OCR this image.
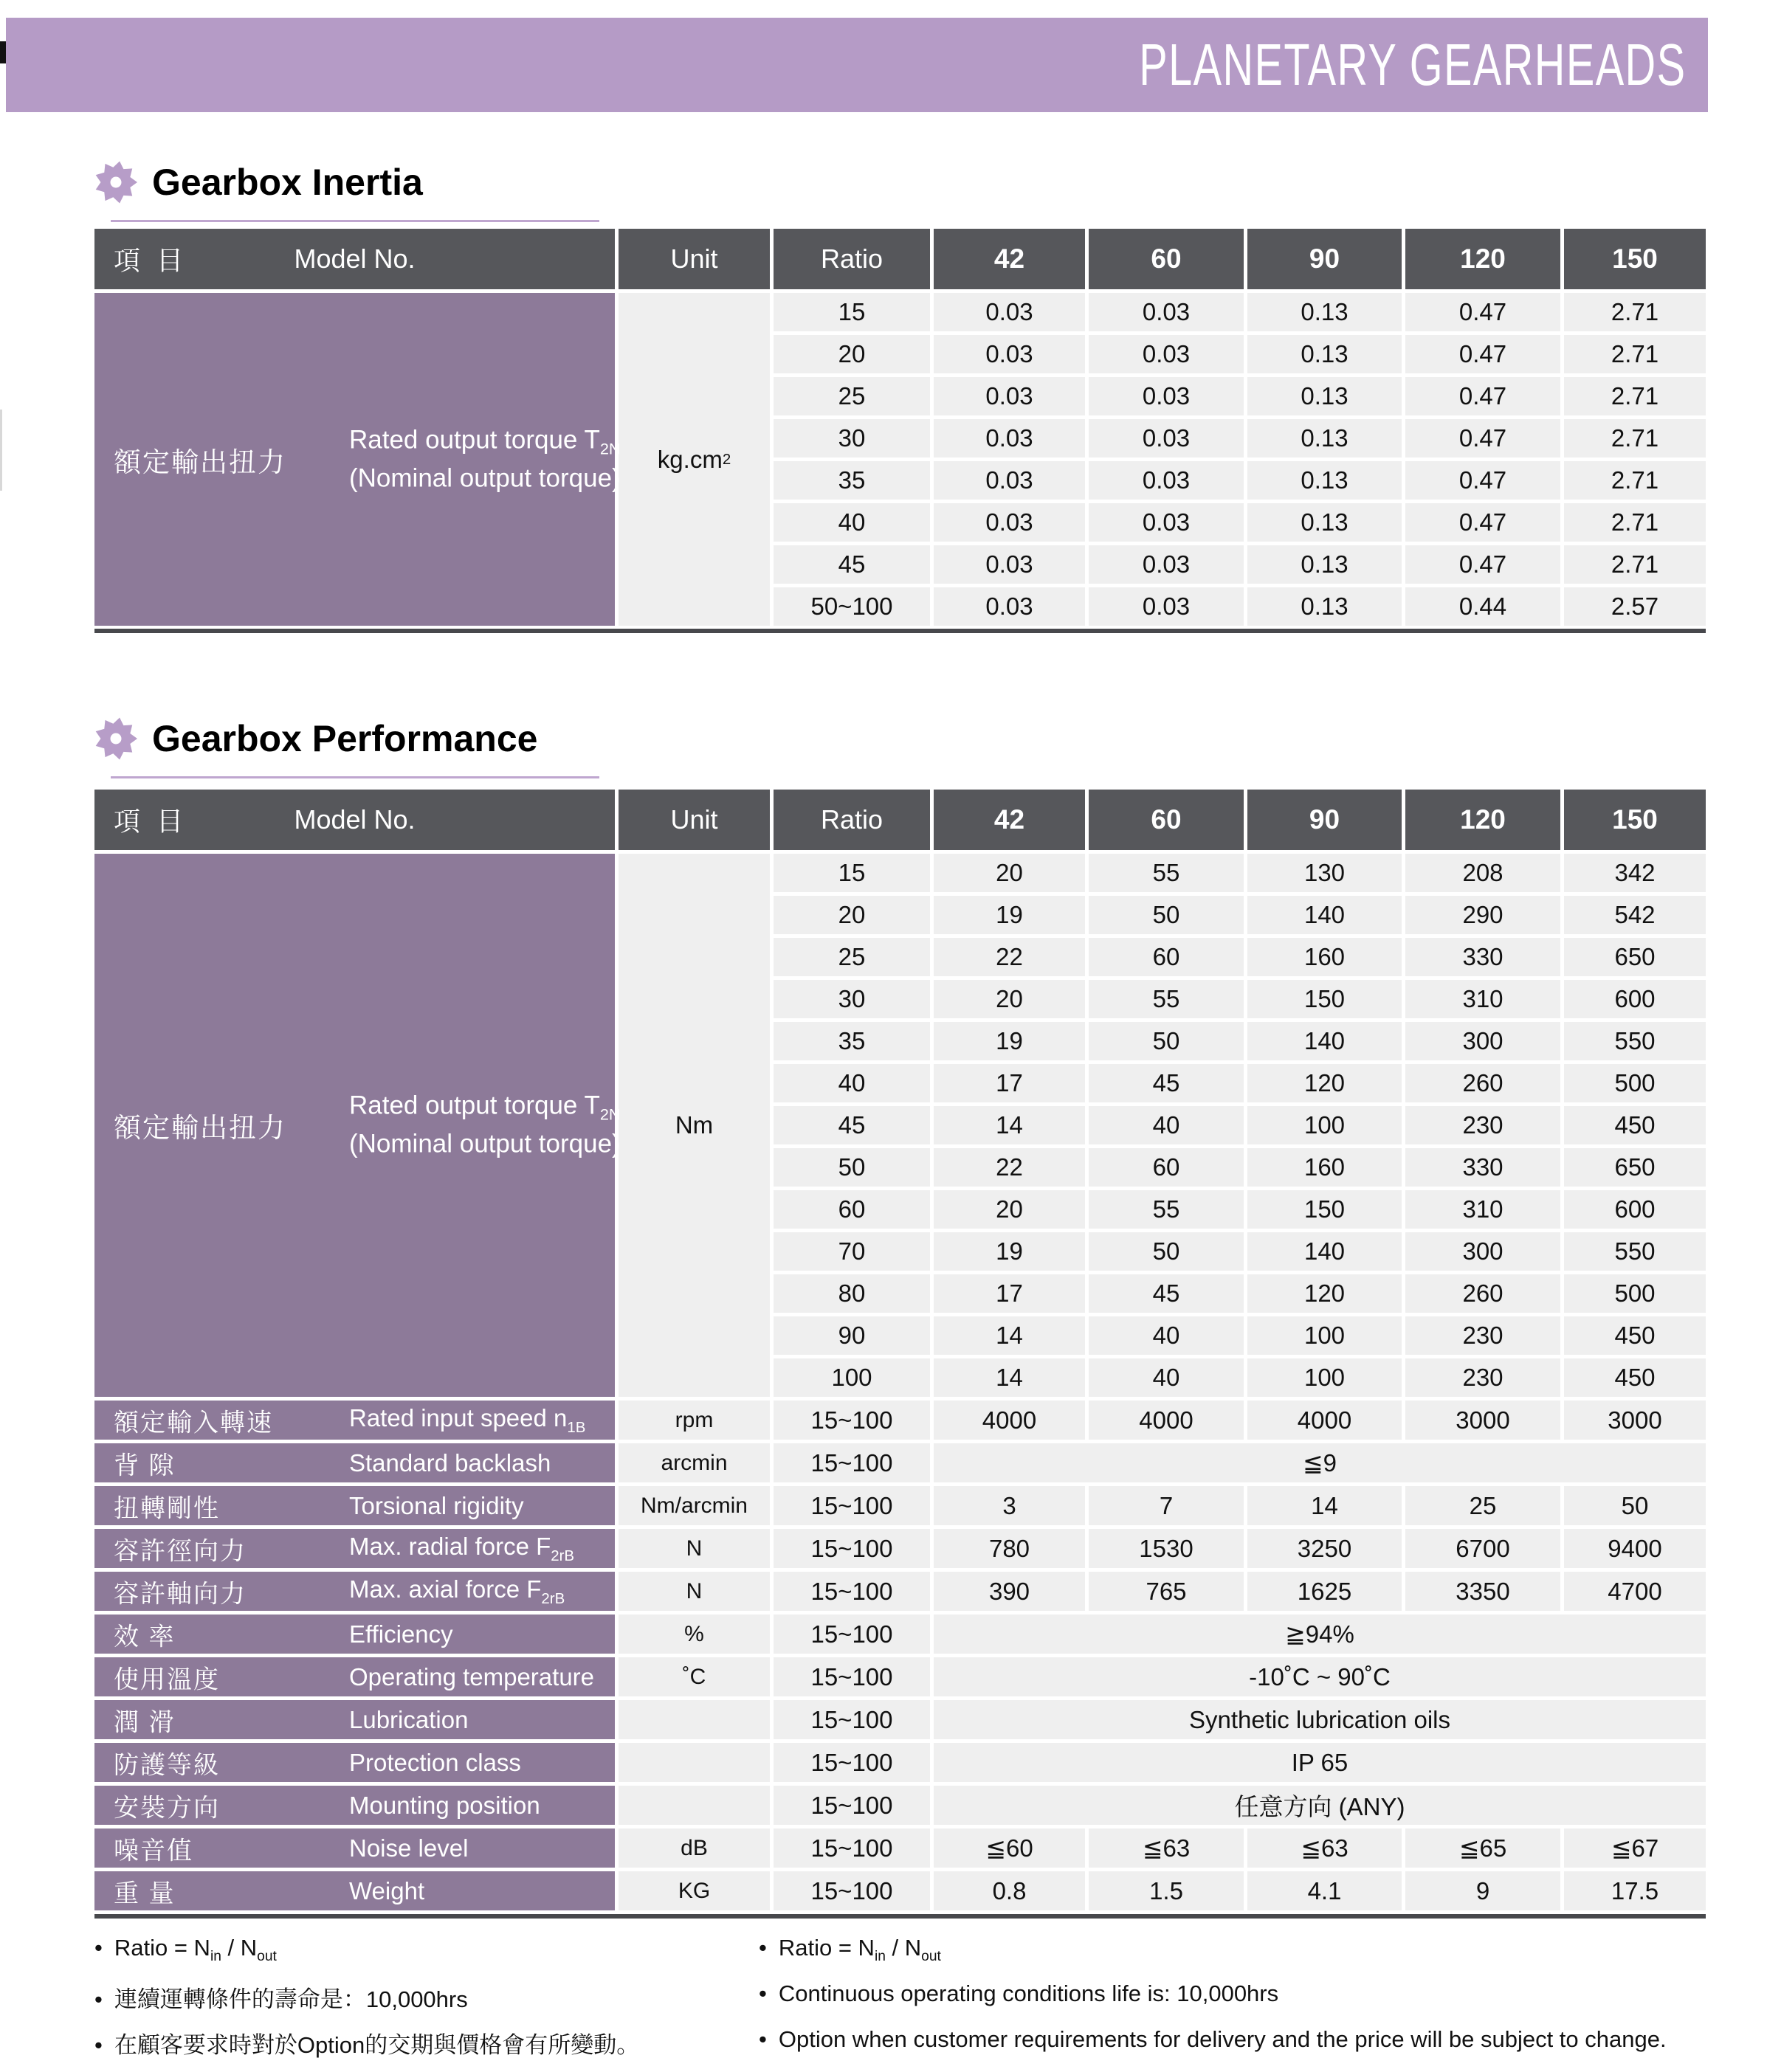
PLANETARY GEARHEADS
Gearbox Inertia
項 目	Model No.	Unit	Ratio	42	60	90	120	150
額定輸出扭力
Rated output torque $T_{2N}$
(Nominal output torque)
kg.cm 2
15	0.03	0.03	0.13	0.47	2.71
20	0.03	0.03	0.13	0.47	2.71
25	0.03	0.03	0.13	0.47	2.71
30	0.03	0.03	0.13	0.47	2.71
35	0.03	0.03	0.13	0.47	2.71
40	0.03	0.03	0.13	0.47	2.71
45	0.03	0.03	0.13	0.47	2.71
50~100	0.03	0.03	0.13	0.44	2.57
Gearbox Performance
項 目	Model No.	Unit	Ratio	42	60	90	120	150
額定輸出扭力
Rated output torque $T_{2N}$
(Nominal output torque)
Nm
15	20	55	130	208	342
20	19	50	140	290	542
25	22	60	160	330	650
30	20	55	150	310	600
35	19	50	140	300	550
40	17	45	120	260	500
45	14	40	100	230	450
50	22	60	160	330	650
60	20	55	150	310	600
70	19	50	140	300	550
80	17	45	120	260	500
90	14	40	100	230	450
100	14	40	100	230	450
額定輸入轉速	Rated input speed $n_{1B}$	rpm	15~100	4000	4000	4000	3000	3000
背 隙	Standard backlash	arcmin	15~100	≦9
扭轉剛性	Torsional rigidity	Nm/arcmin	15~100	3	7	14	25	50
容許徑向力	Max. radial force $F_{2rB}$	N	15~100	780	1530	3250	6700	9400
容許軸向力	Max. axial force $F_{2rB}$	N	15~100	390	765	1625	3350	4700
效 率	Efficiency	%	15~100	≧94%
使用溫度	Operating temperature	˚C	15~100	-10˚C ~ 90˚C
潤 滑	Lubrication	15~100	Synthetic lubrication oils
防護等級	Protection class	15~100	IP 65
安裝方向	Mounting position	15~100	任意方向 (ANY)
噪音值	Noise level	dB	15~100	≦60	≦63	≦63	≦65	≦67
重 量	Weight	KG	15~100	0.8	1.5	4.1	9	17.5
• Ratio = $N_{in} / N_{out}$
• 連續運轉條件的壽命是：10,000hrs
• 在顧客要求時對於Option的交期與價格會有所變動。
• Ratio = $N_{in} / N_{out}$
• Continuous operating conditions life is: 10,000hrs
• Option when customer requirements for delivery and the price will be subject to change.
